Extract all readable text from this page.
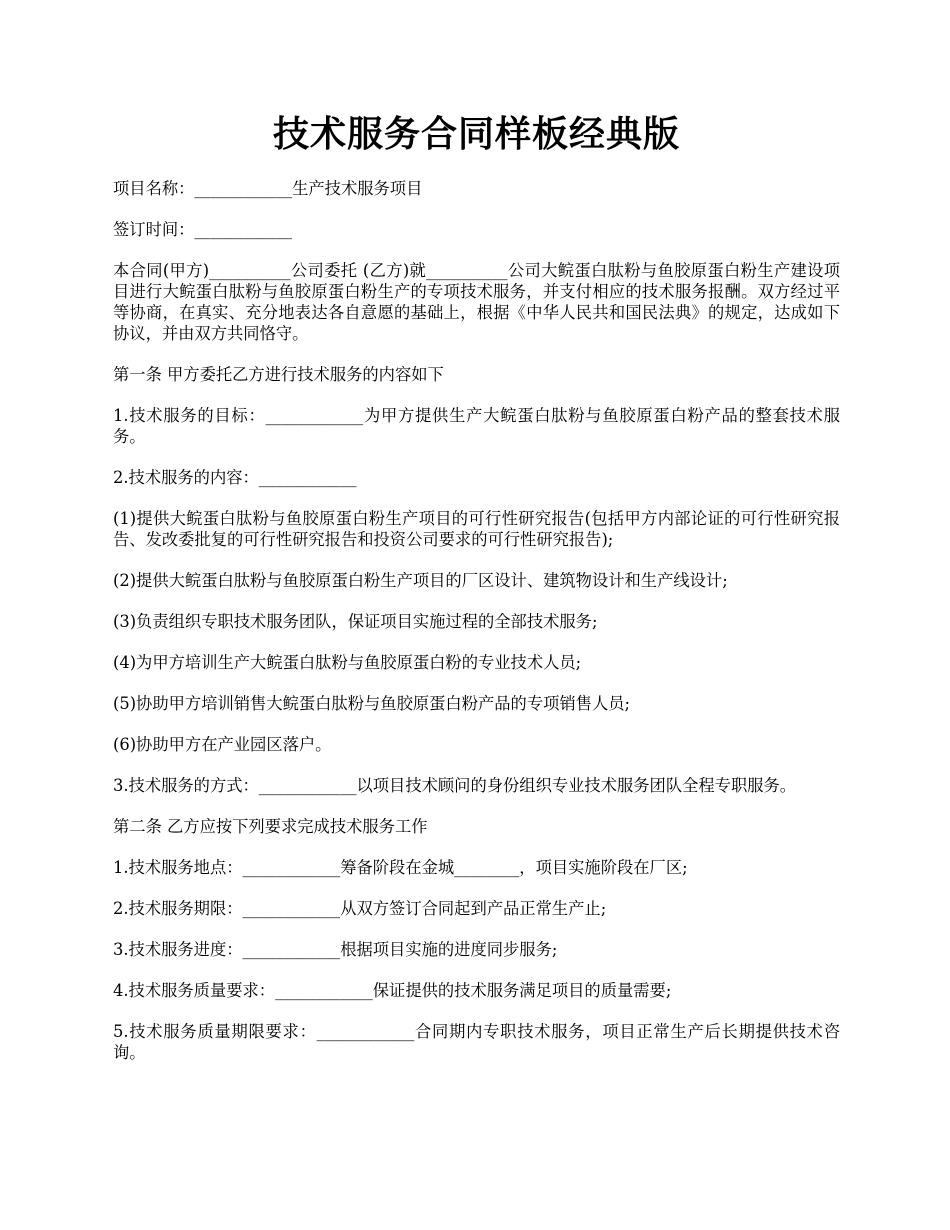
技术服务合同样板经典版

项目名称：____________生产技术服务项目

签订时间：____________

本合同(甲方)__________公司委托 (乙方)就__________公司大鲩蛋白肽粉与鱼胶原蛋白粉生产建设项目进行大鲩蛋白肽粉与鱼胶原蛋白粉生产的专项技术服务，并支付相应的技术服务报酬。双方经过平等协商，在真实、充分地表达各自意愿的基础上，根据《中华人民共和国民法典》的规定，达成如下协议，并由双方共同恪守。

第一条 甲方委托乙方进行技术服务的内容如下

1.技术服务的目标：____________为甲方提供生产大鲩蛋白肽粉与鱼胶原蛋白粉产品的整套技术服务。

2.技术服务的内容：____________

(1)提供大鲩蛋白肽粉与鱼胶原蛋白粉生产项目的可行性研究报告(包括甲方内部论证的可行性研究报告、发改委批复的可行性研究报告和投资公司要求的可行性研究报告);

(2)提供大鲩蛋白肽粉与鱼胶原蛋白粉生产项目的厂区设计、建筑物设计和生产线设计;

(3)负责组织专职技术服务团队，保证项目实施过程的全部技术服务;

(4)为甲方培训生产大鲩蛋白肽粉与鱼胶原蛋白粉的专业技术人员;

(5)协助甲方培训销售大鲩蛋白肽粉与鱼胶原蛋白粉产品的专项销售人员;

(6)协助甲方在产业园区落户。

3.技术服务的方式：____________以项目技术顾问的身份组织专业技术服务团队全程专职服务。

第二条 乙方应按下列要求完成技术服务工作

1.技术服务地点：____________筹备阶段在金城________，项目实施阶段在厂区;

2.技术服务期限：____________从双方签订合同起到产品正常生产止;

3.技术服务进度：____________根据项目实施的进度同步服务;

4.技术服务质量要求：____________保证提供的技术服务满足项目的质量需要;

5.技术服务质量期限要求：____________合同期内专职技术服务，项目正常生产后长期提供技术咨询。
